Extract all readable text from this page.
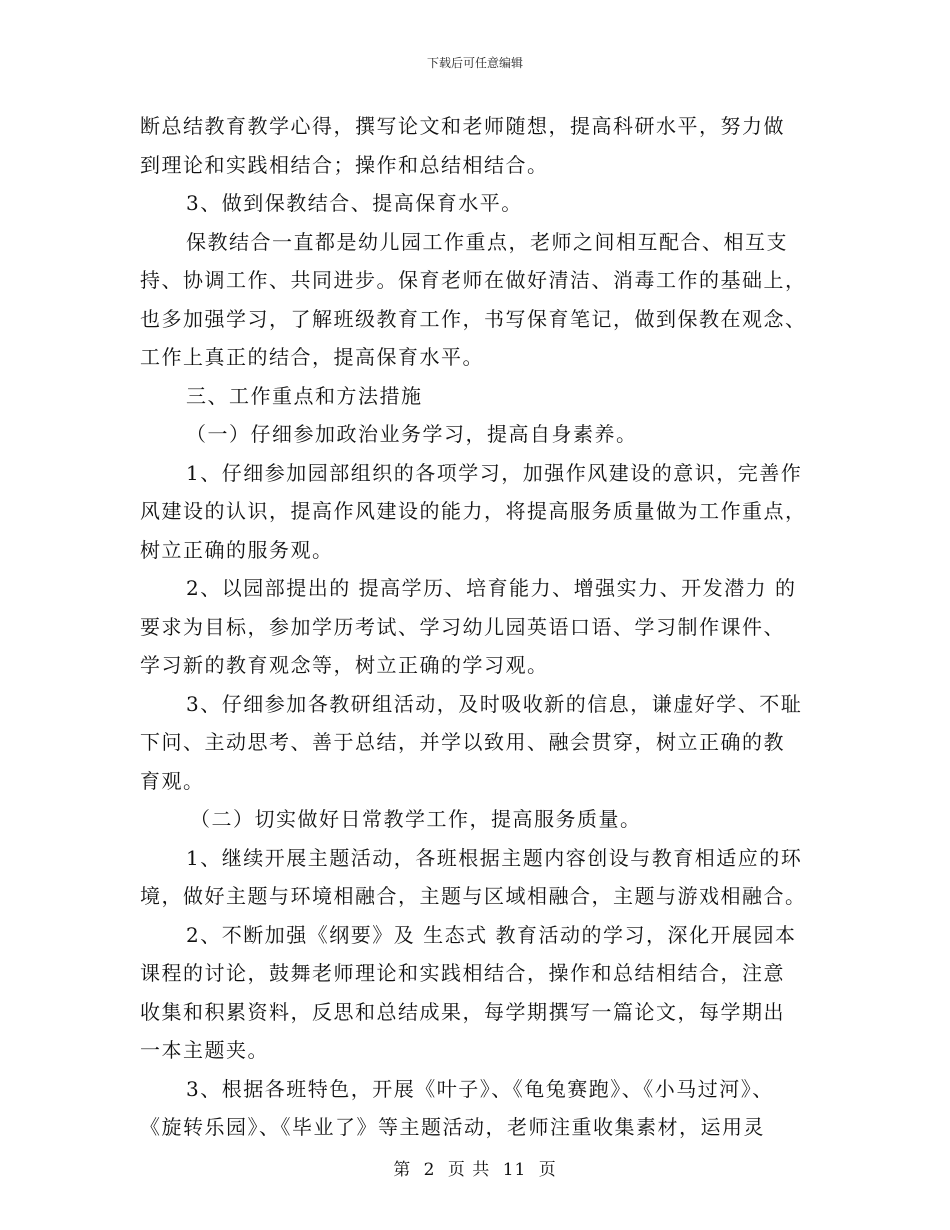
下载后可任意编辑
断总结教育教学心得，撰写论文和老师随想，提高科研水平，努力做
到理论和实践相结合；操作和总结相结合。
3、做到保教结合、提高保育水平。
保教结合一直都是幼儿园工作重点，老师之间相互配合、相互支
持、协调工作、共同进步。保育老师在做好清洁、消毒工作的基础上，
也多加强学习，了解班级教育工作，书写保育笔记，做到保教在观念、
工作上真正的结合，提高保育水平。
三、工作重点和方法措施
（一）仔细参加政治业务学习，提高自身素养。
1、仔细参加园部组织的各项学习，加强作风建设的意识，完善作
风建设的认识，提高作风建设的能力，将提高服务质量做为工作重点，
树立正确的服务观。
2、以园部提出的 提高学历、培育能力、增强实力、开发潜力 的
要求为目标，参加学历考试、学习幼儿园英语口语、学习制作课件、
学习新的教育观念等，树立正确的学习观。
3、仔细参加各教研组活动，及时吸收新的信息，谦虚好学、不耻
下问、主动思考、善于总结，并学以致用、融会贯穿，树立正确的教
育观。
（二）切实做好日常教学工作，提高服务质量。
1、继续开展主题活动，各班根据主题内容创设与教育相适应的环
境，做好主题与环境相融合，主题与区域相融合，主题与游戏相融合。
2、不断加强《纲要》及 生态式 教育活动的学习，深化开展园本
课程的讨论，鼓舞老师理论和实践相结合，操作和总结相结合，注意
收集和积累资料，反思和总结成果，每学期撰写一篇论文，每学期出
一本主题夹。
3、根据各班特色，开展《叶子》、《龟兔赛跑》、《小马过河》、
《旋转乐园》、《毕业了》等主题活动，老师注重收集素材，运用灵
第 2 页 共 11 页
